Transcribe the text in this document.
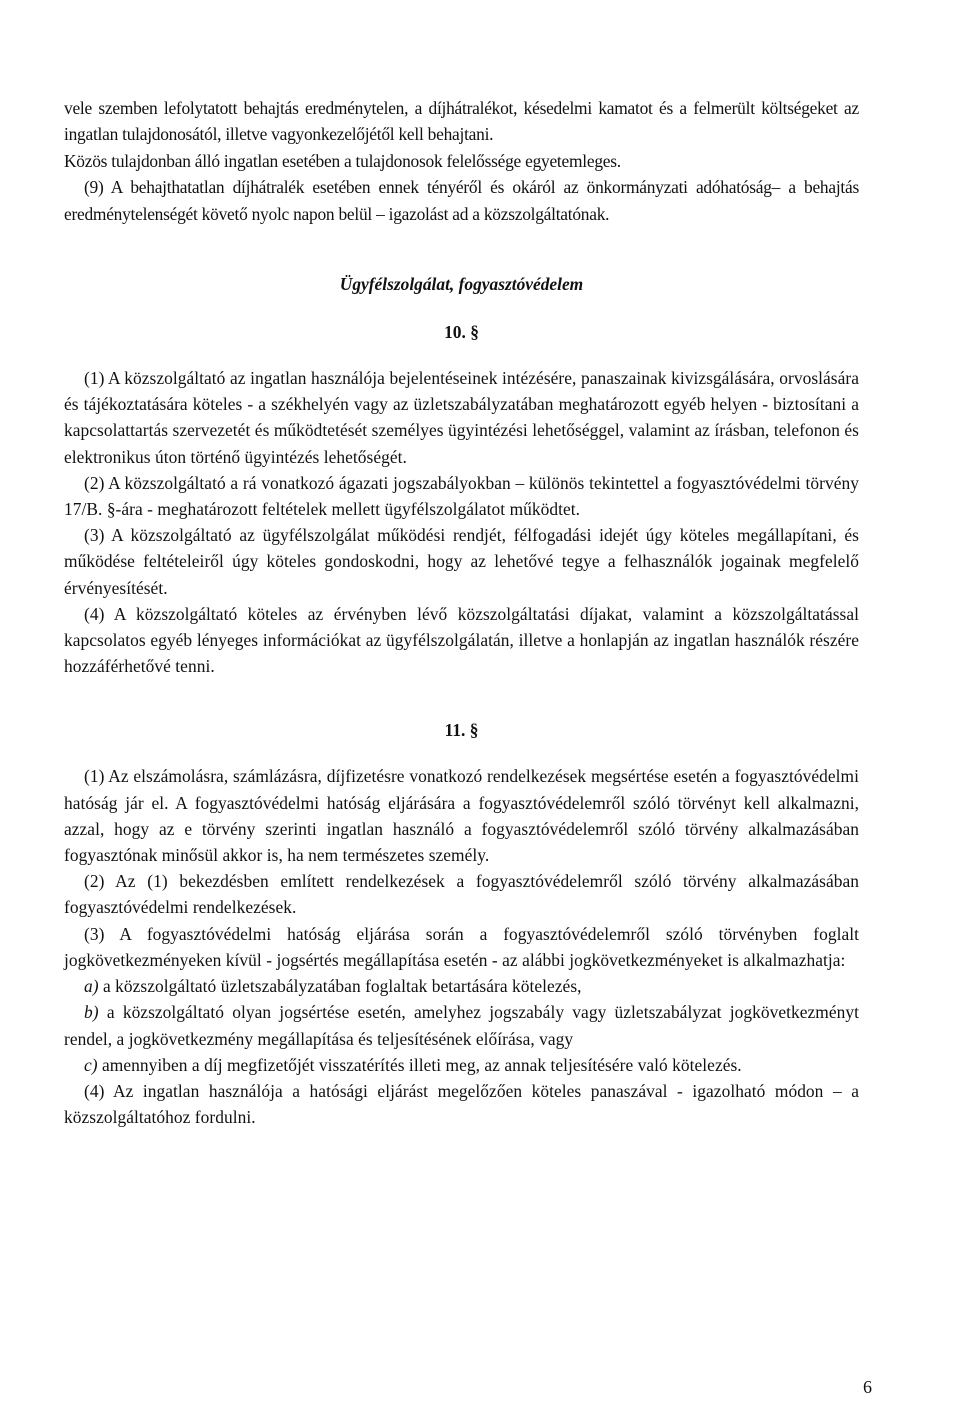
vele szemben lefolytatott behajtás eredménytelen, a díjhátralékot, késedelmi kamatot és a felmerült költségeket az ingatlan tulajdonosától, illetve vagyonkezelőjétől kell behajtani.

Közös tulajdonban álló ingatlan esetében a tulajdonosok felelőssége egyetemleges.

(9) A behajthatatlan díjhátralék esetében ennek tényéről és okáról az önkormányzati adóhatóság– a behajtás eredménytelenségét követő nyolc napon belül – igazolást ad a közszolgáltatónak.

Ügyfélszolgálat, fogyasztóvédelem
10. §

(1) A közszolgáltató az ingatlan használója bejelentéseinek intézésére, panaszainak kivizsgálására, orvoslására és tájékoztatására köteles - a székhelyén vagy az üzletszabályzatában meghatározott egyéb helyen - biztosítani a kapcsolattartás szervezetét és működtetését személyes ügyintézési lehetőséggel, valamint az írásban, telefonon és elektronikus úton történő ügyintézés lehetőségét.

(2) A közszolgáltató a rá vonatkozó ágazati jogszabályokban – különös tekintettel a fogyasztóvédelmi törvény 17/B. §-ára - meghatározott feltételek mellett ügyfélszolgálatot működtet.

(3) A közszolgáltató az ügyfélszolgálat működési rendjét, félfogadási idejét úgy köteles megállapítani, és működése feltételeiről úgy köteles gondoskodni, hogy az lehetővé tegye a felhasználók jogainak megfelelő érvényesítését.

(4) A közszolgáltató köteles az érvényben lévő közszolgáltatási díjakat, valamint a közszolgáltatással kapcsolatos egyéb lényeges információkat az ügyfélszolgálatán, illetve a honlapján az ingatlan használók részére hozzáférhetővé tenni.

11. §

(1) Az elszámolásra, számlázásra, díjfizetésre vonatkozó rendelkezések megsértése esetén a fogyasztóvédelmi hatóság jár el. A fogyasztóvédelmi hatóság eljárására a fogyasztóvédelemről szóló törvényt kell alkalmazni, azzal, hogy az e törvény szerinti ingatlan használó a fogyasztóvédelemről szóló törvény alkalmazásában fogyasztónak minősül akkor is, ha nem természetes személy.

(2) Az (1) bekezdésben említett rendelkezések a fogyasztóvédelemről szóló törvény alkalmazásában fogyasztóvédelmi rendelkezések.

(3) A fogyasztóvédelmi hatóság eljárása során a fogyasztóvédelemről szóló törvényben foglalt jogkövetkezményeken kívül - jogsértés megállapítása esetén - az alábbi jogkövetkezményeket is alkalmazhatja:

a) a közszolgáltató üzletszabályzatában foglaltak betartására kötelezés,

b) a közszolgáltató olyan jogsértése esetén, amelyhez jogszabály vagy üzletszabályzat jogkövetkezményt rendel, a jogkövetkezmény megállapítása és teljesítésének előírása, vagy

c) amennyiben a díj megfizetőjét visszatérítés illeti meg, az annak teljesítésére való kötelezés.

(4) Az ingatlan használója a hatósági eljárást megelőzően köteles panaszával - igazolható módon – a közszolgáltatóhoz fordulni.

6
